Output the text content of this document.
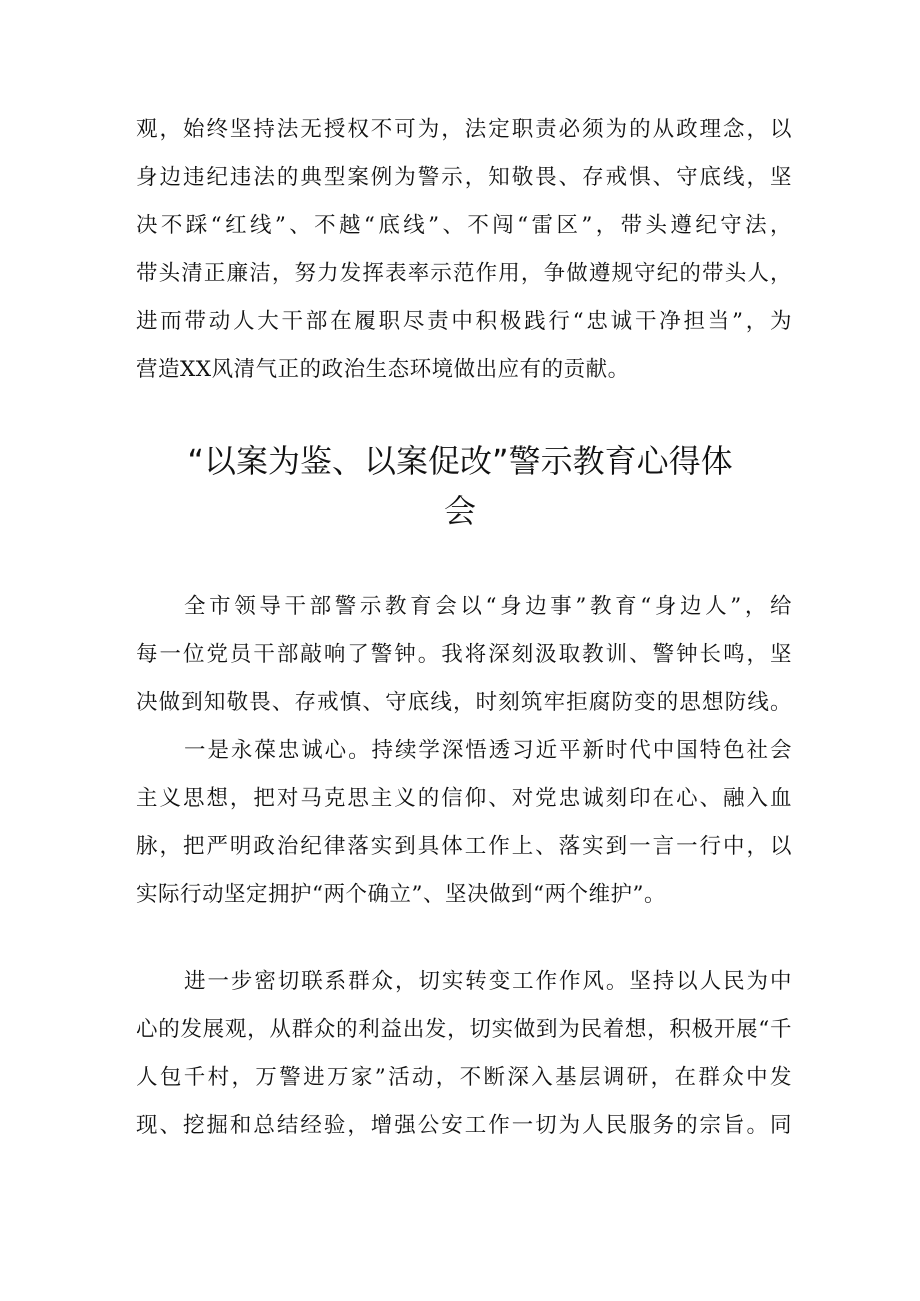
观，始终坚持法无授权不可为，法定职责必须为的从政理念，以
身边违纪违法的典型案例为警示，知敬畏、存戒惧、守底线，坚
决不踩“红线”、不越“底线”、不闯“雷区”，带头遵纪守法，
带头清正廉洁，努力发挥表率示范作用，争做遵规守纪的带头人，
进而带动人大干部在履职尽责中积极践行“忠诚干净担当”，为
营造XX风清气正的政治生态环境做出应有的贡献。
“以案为鉴、以案促改”警示教育心得体
会
全市领导干部警示教育会以“身边事”教育“身边人”，给
每一位党员干部敲响了警钟。我将深刻汲取教训、警钟长鸣，坚
决做到知敬畏、存戒慎、守底线，时刻筑牢拒腐防变的思想防线。
一是永葆忠诚心。持续学深悟透习近平新时代中国特色社会
主义思想，把对马克思主义的信仰、对党忠诚刻印在心、融入血
脉，把严明政治纪律落实到具体工作上、落实到一言一行中，以
实际行动坚定拥护“两个确立”、坚决做到“两个维护”。
进一步密切联系群众，切实转变工作作风。坚持以人民为中
心的发展观，从群众的利益出发，切实做到为民着想，积极开展“千
人包千村，万警进万家”活动，不断深入基层调研，在群众中发
现、挖掘和总结经验，增强公安工作一切为人民服务的宗旨。同
